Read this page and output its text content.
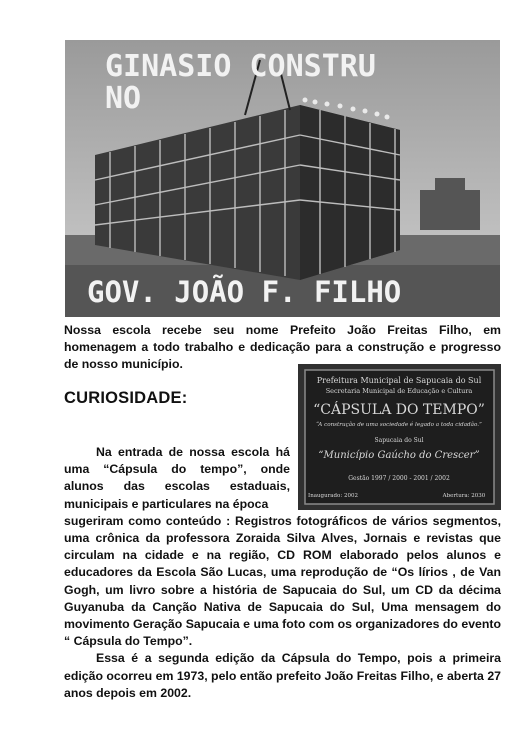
GINASIO CONSTRU
NO
GOV. JOÃO F. FILHO
Nossa escola recebe seu nome Prefeito João Freitas Filho, em homenagem a todo trabalho e dedicação para a construção e progresso de nosso município.
CURIOSIDADE:
Prefeitura Municipal de Sapucaia do Sul
Secretaria Municipal de Educação e Cultura
“CÁPSULA DO TEMPO”
“A construção de uma sociedade é legado a toda cidadão.”
Sapucaia do Sul
“Município Gaúcho do Crescer”
Gestão 1997 / 2000 - 2001 / 2002
Inaugurado: 2002	Abertura: 2030

Na entrada de nossa escola há uma “Cápsula do tempo”, onde alunos das escolas estaduais, municipais e particulares na época

sugeriram como conteúdo : Registros fotográficos de vários segmentos, uma crônica da professora Zoraida Silva Alves, Jornais e revistas que circulam na cidade e na região, CD ROM elaborado pelos alunos e educadores da Escola São Lucas, uma reprodução de “Os lírios , de Van Gogh, um livro sobre a história de Sapucaia do Sul, um CD da décima Guyanuba da Canção Nativa de Sapucaia do Sul, Uma mensagem do movimento Geração Sapucaia e uma foto com os organizadores do evento “ Cápsula do Tempo”.

Essa é a segunda edição da Cápsula do Tempo, pois a primeira edição ocorreu em 1973, pelo então prefeito João Freitas Filho, e aberta 27 anos depois em 2002.
